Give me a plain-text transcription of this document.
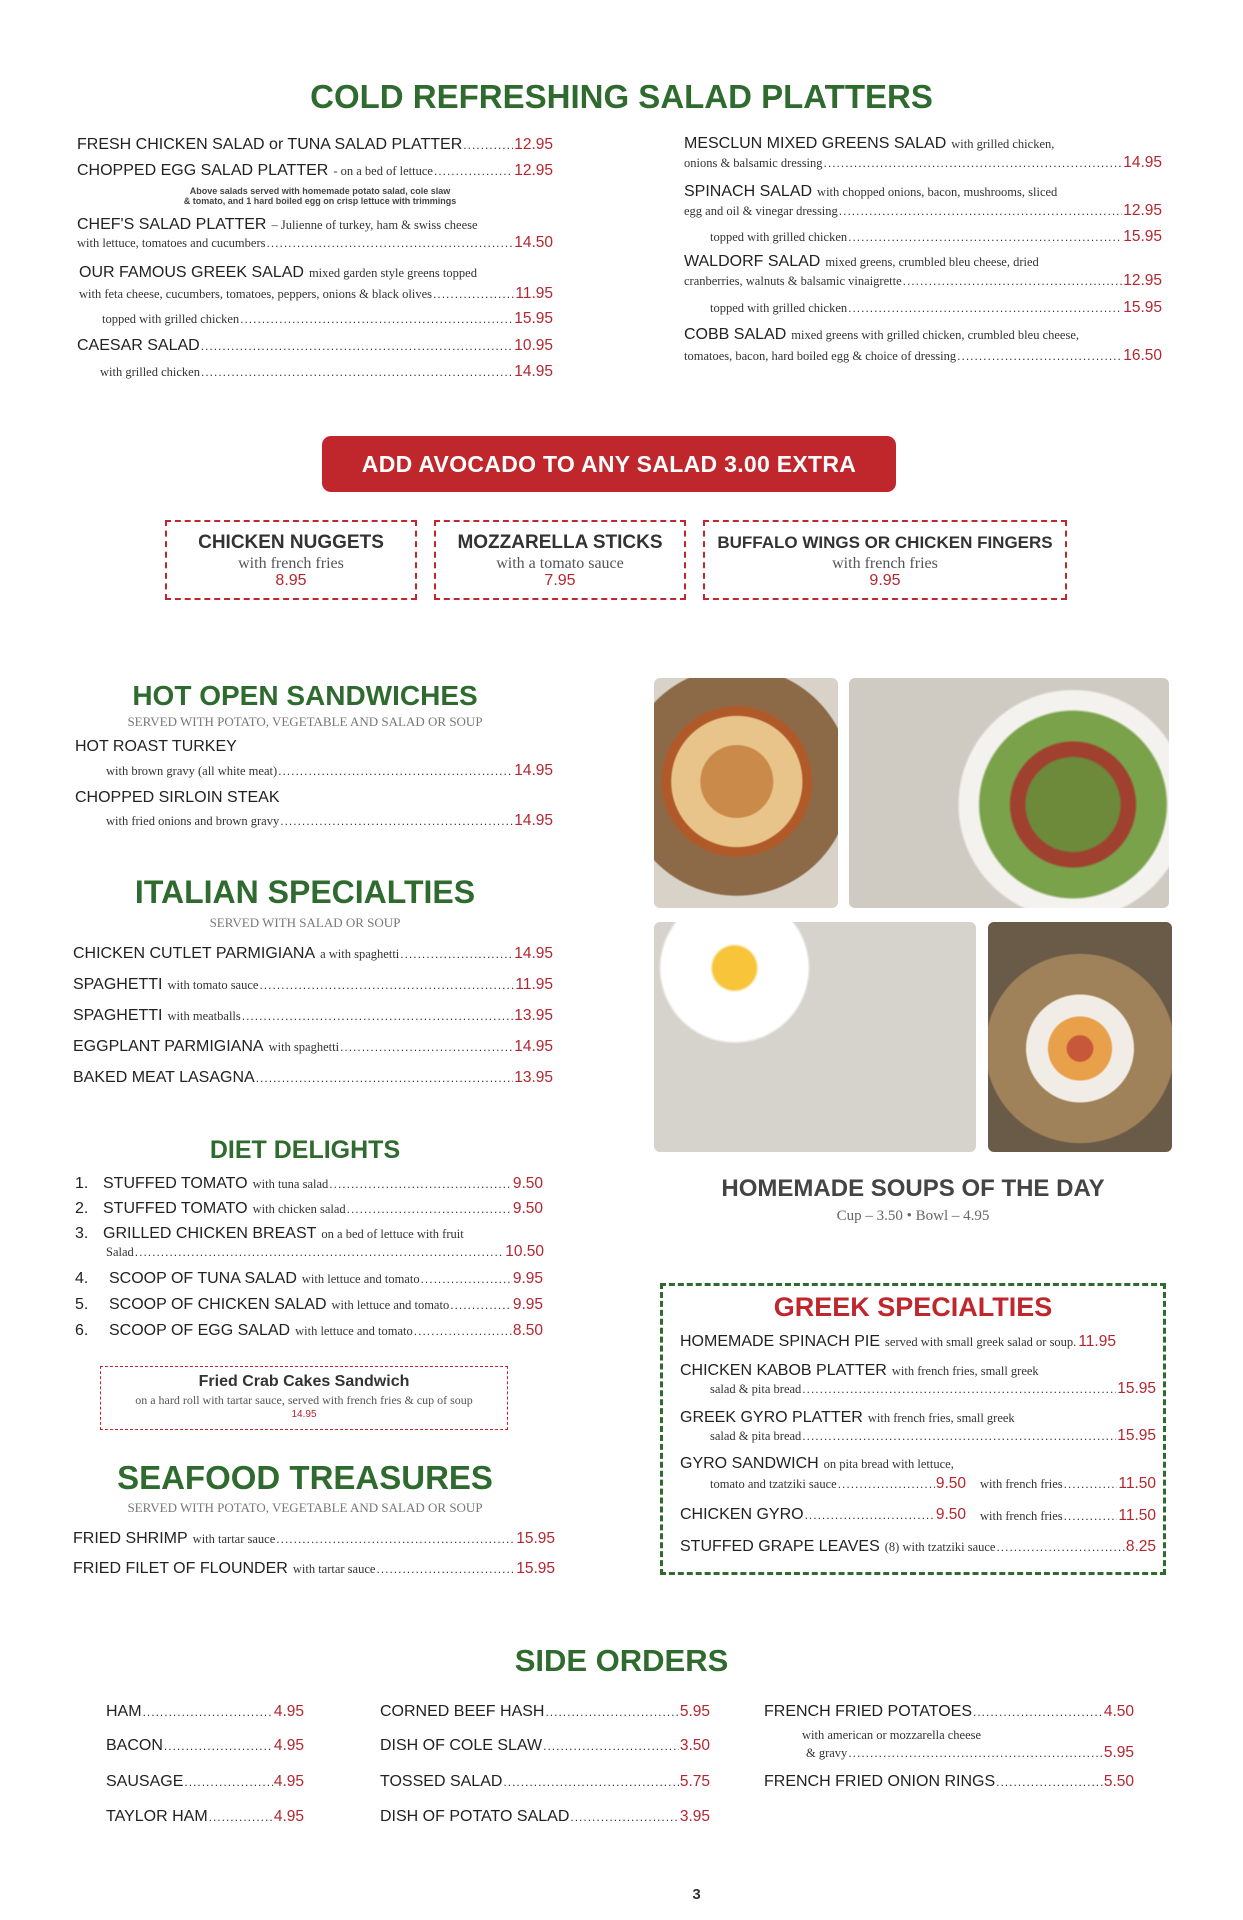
COLD REFRESHING SALAD PLATTERS
FRESH CHICKEN SALAD or TUNA SALAD PLATTER .....	12.95
CHOPPED EGG SALAD PLATTER - on a bed of lettuce .....	12.95
Above salads served with homemade potato salad, cole slaw
& tomato, and 1 hard boiled egg on crisp lettuce with trimmings
CHEF'S SALAD PLATTER – Julienne of turkey, ham & swiss cheese
with lettuce, tomatoes and cucumbers .....	14.50
OUR FAMOUS GREEK SALAD mixed garden style greens topped
with feta cheese, cucumbers, tomatoes, peppers, onions & black olives .....	11.95
topped with grilled chicken .....	15.95
CAESAR SALAD .....	10.95
with grilled chicken .....	14.95
MESCLUN MIXED GREENS SALAD with grilled chicken,
onions & balsamic dressing .....	14.95
SPINACH SALAD with chopped onions, bacon, mushrooms, sliced
egg and oil & vinegar dressing .....	12.95
topped with grilled chicken .....	15.95
WALDORF SALAD mixed greens, crumbled bleu cheese, dried
cranberries, walnuts & balsamic vinaigrette .....	12.95
topped with grilled chicken .....	15.95
COBB SALAD mixed greens with grilled chicken, crumbled bleu cheese,
tomatoes, bacon, hard boiled egg & choice of dressing .....	16.50
ADD AVOCADO TO ANY SALAD 3.00 EXTRA
CHICKEN NUGGETS
with french fries
8.95
MOZZARELLA STICKS
with a tomato sauce
7.95
BUFFALO WINGS OR CHICKEN FINGERS
with french fries
9.95
HOT OPEN SANDWICHES
SERVED WITH POTATO, VEGETABLE AND SALAD OR SOUP
HOT ROAST TURKEY
with brown gravy (all white meat) .....	14.95
CHOPPED SIRLOIN STEAK
with fried onions and brown gravy .....	14.95
ITALIAN SPECIALTIES
SERVED WITH SALAD OR SOUP
CHICKEN CUTLET PARMIGIANA a with spaghetti .....	14.95
SPAGHETTI with tomato sauce .....	11.95
SPAGHETTI with meatballs .....	13.95
EGGPLANT PARMIGIANA with spaghetti .....	14.95
BAKED MEAT LASAGNA .....	13.95
DIET DELIGHTS
1. STUFFED TOMATO with tuna salad .....	9.50
2. STUFFED TOMATO with chicken salad .....	9.50
3. GRILLED CHICKEN BREAST on a bed of lettuce with fruit
Salad .....	10.50
4.	SCOOP OF TUNA SALAD with lettuce and tomato .....	9.95
5.	SCOOP OF CHICKEN SALAD with lettuce and tomato .....	9.95
6.	SCOOP OF EGG SALAD with lettuce and tomato .....	8.50
Fried Crab Cakes Sandwich
on a hard roll with tartar sauce, served with french fries & cup of soup
14.95
SEAFOOD TREASURES
SERVED WITH POTATO, VEGETABLE AND SALAD OR SOUP
FRIED SHRIMP with tartar sauce .....	15.95
FRIED FILET OF FLOUNDER with tartar sauce .....	15.95
HOMEMADE SOUPS OF THE DAY
Cup – 3.50 • Bowl – 4.95
GREEK SPECIALTIES
HOMEMADE SPINACH PIE served with small greek salad or soup. 11.95
CHICKEN KABOB PLATTER with french fries, small greek
salad & pita bread .....	15.95
GREEK GYRO PLATTER with french fries, small greek
salad & pita bread .....	15.95
GYRO SANDWICH on pita bread with lettuce,
tomato and tzatziki sauce .....	9.50 with french fries .....	11.50
CHICKEN GYRO .....	9.50 with french fries .....	11.50
STUFFED GRAPE LEAVES (8) with tzatziki sauce .....	8.25
SIDE ORDERS
HAM .....	4.95
BACON .....	4.95
SAUSAGE .....	4.95
TAYLOR HAM .....	4.95
CORNED BEEF HASH .....	5.95
DISH OF COLE SLAW .....	3.50
TOSSED SALAD .....	5.75
DISH OF POTATO SALAD .....	3.95
FRENCH FRIED POTATOES .....	4.50
with american or mozzarella cheese
& gravy .....	5.95
FRENCH FRIED ONION RINGS .....	5.50
3
